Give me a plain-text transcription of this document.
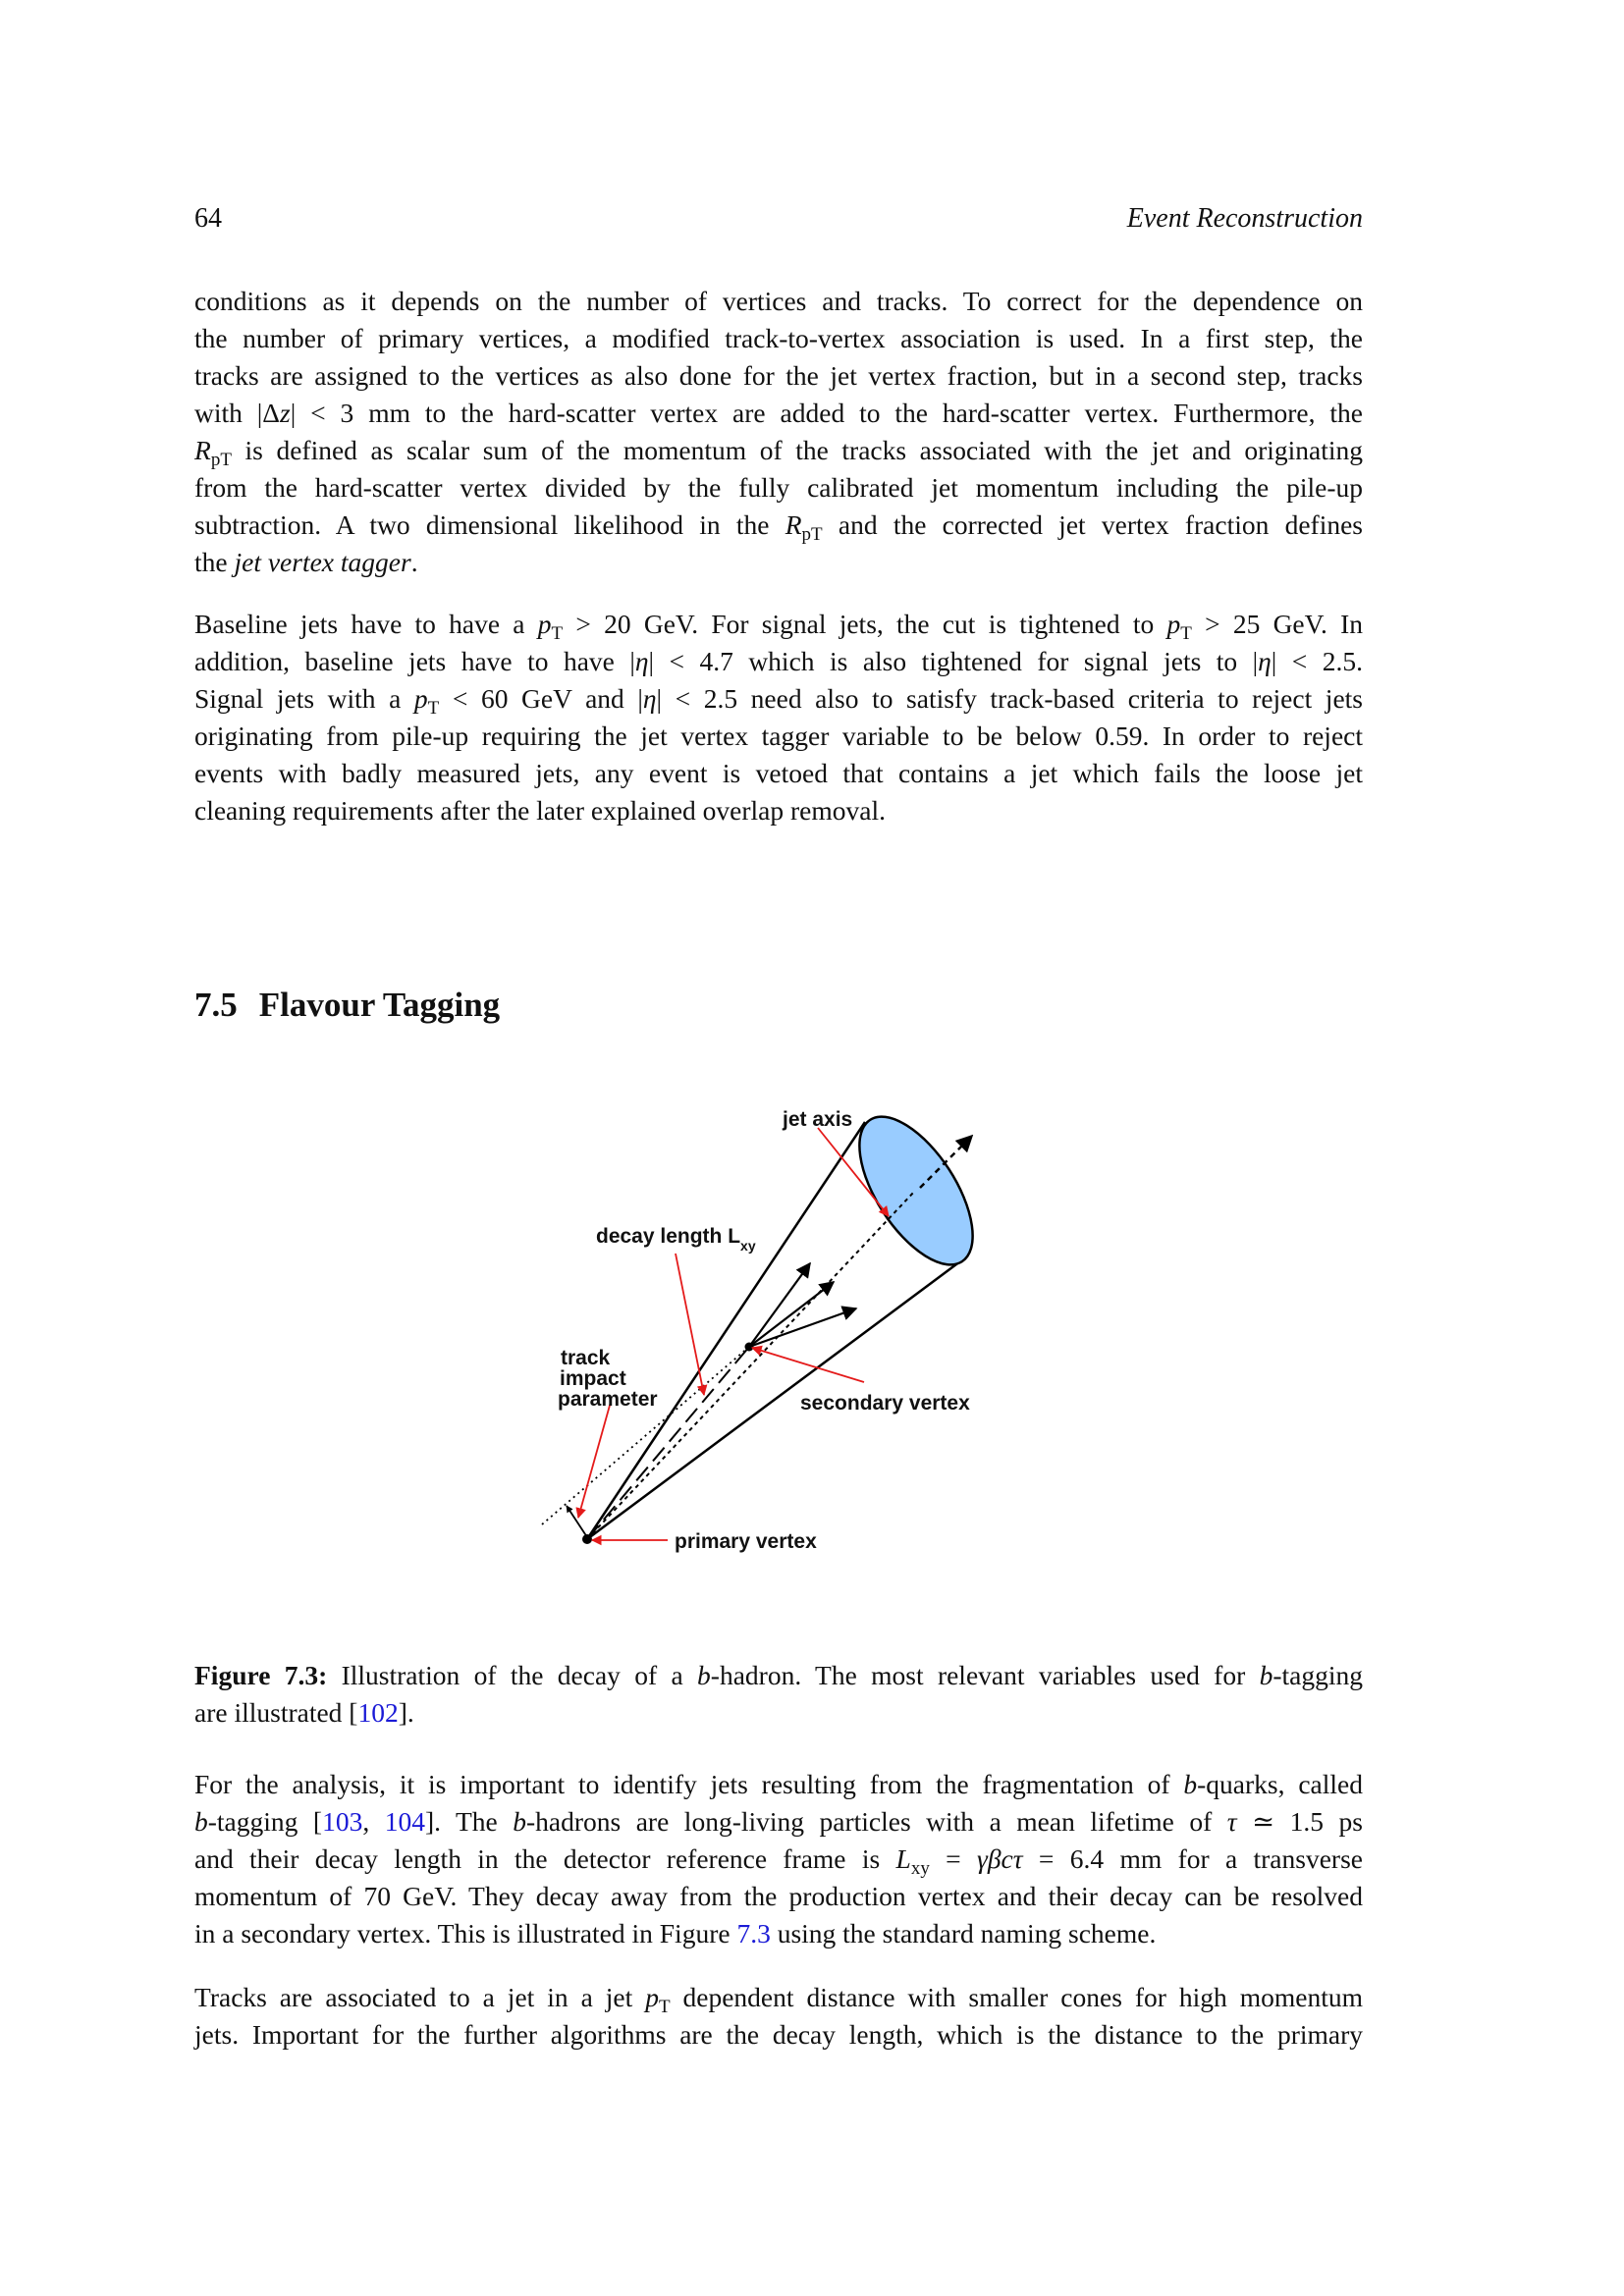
64	Event Reconstruction
conditions as it depends on the number of vertices and tracks. To correct for the dependence on
the number of primary vertices, a modified track-to-vertex association is used. In a first step, the
tracks are assigned to the vertices as also done for the jet vertex fraction, but in a second step, tracks
with |Δz| < 3 mm to the hard-scatter vertex are added to the hard-scatter vertex. Furthermore, the
$R_{pT}$ is defined as scalar sum of the momentum of the tracks associated with the jet and originating
from the hard-scatter vertex divided by the fully calibrated jet momentum including the pile-up
subtraction. A two dimensional likelihood in the $R_{pT}$ and the corrected jet vertex fraction defines
the jet vertex tagger.
Baseline jets have to have a $p_T > 20$ GeV. For signal jets, the cut is tightened to $p_T > 25$ GeV. In
addition, baseline jets have to have |η| < 4.7 which is also tightened for signal jets to |η| < 2.5.
Signal jets with a $p_T < 60$ GeV and |η| < 2.5 need also to satisfy track-based criteria to reject jets
originating from pile-up requiring the jet vertex tagger variable to be below 0.59. In order to reject
events with badly measured jets, any event is vetoed that contains a jet which fails the loose jet
cleaning requirements after the later explained overlap removal.
7.5 Flavour Tagging
jet axis
decay length $L_{xy}$
track
impact
parameter	secondary vertex
primary vertex
Figure 7.3: Illustration of the decay of a b-hadron. The most relevant variables used for b-tagging
are illustrated [102].
For the analysis, it is important to identify jets resulting from the fragmentation of b-quarks, called
b-tagging [103, 104]. The b-hadrons are long-living particles with a mean lifetime of τ ≃ 1.5 ps
and their decay length in the detector reference frame is $L_{xy} = \gamma\beta c\tau = 6.4$ mm for a transverse
momentum of 70 GeV. They decay away from the production vertex and their decay can be resolved
in a secondary vertex. This is illustrated in Figure 7.3 using the standard naming scheme.
Tracks are associated to a jet in a jet $p_T$ dependent distance with smaller cones for high momentum
jets. Important for the further algorithms are the decay length, which is the distance to the primary
